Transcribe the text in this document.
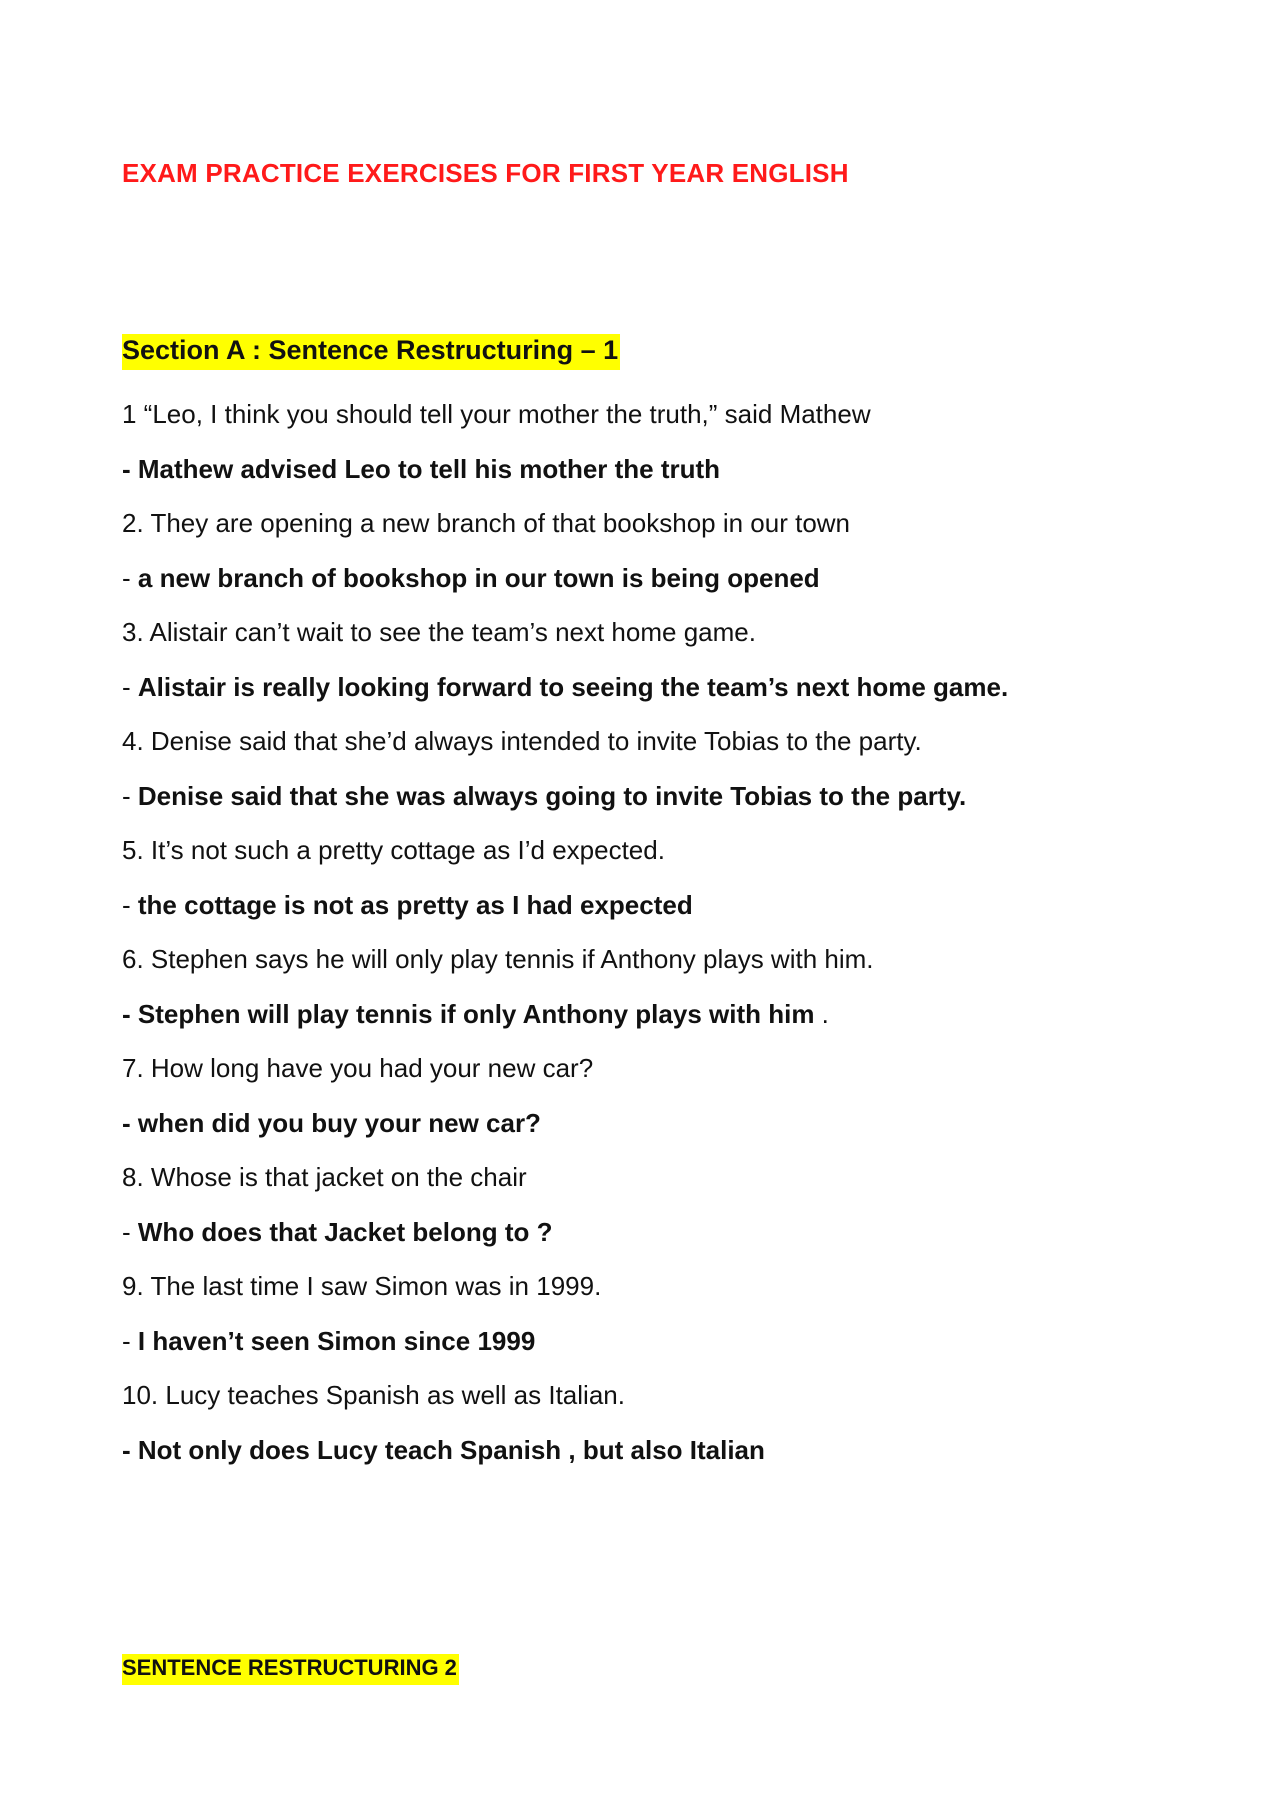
EXAM PRACTICE EXERCISES FOR FIRST YEAR ENGLISH
Section A : Sentence Restructuring – 1
1 “Leo, I think you should tell your mother the truth,” said Mathew
- Mathew advised Leo to tell his mother the truth
2. They are opening a new branch of that bookshop in our town
- a new branch of bookshop in our town is being opened
3. Alistair can’t wait to see the team’s next home game.
- Alistair is really looking forward to seeing the team’s next home game.
4. Denise said that she’d always intended to invite Tobias to the party.
- Denise said that she was always going to invite Tobias to the party.
5. It’s not such a pretty cottage as I’d expected.
- the cottage is not as pretty as I had expected
6. Stephen says he will only play tennis if Anthony plays with him.
- Stephen will play tennis if only Anthony plays with him .
7. How long have you had your new car?
- when did you buy your new car?
8. Whose is that jacket on the chair
- Who does that Jacket belong to ?
9. The last time I saw Simon was in 1999.
- I haven’t seen Simon since 1999
10. Lucy teaches Spanish as well as Italian.
- Not only does Lucy teach Spanish , but also Italian
SENTENCE RESTRUCTURING 2
